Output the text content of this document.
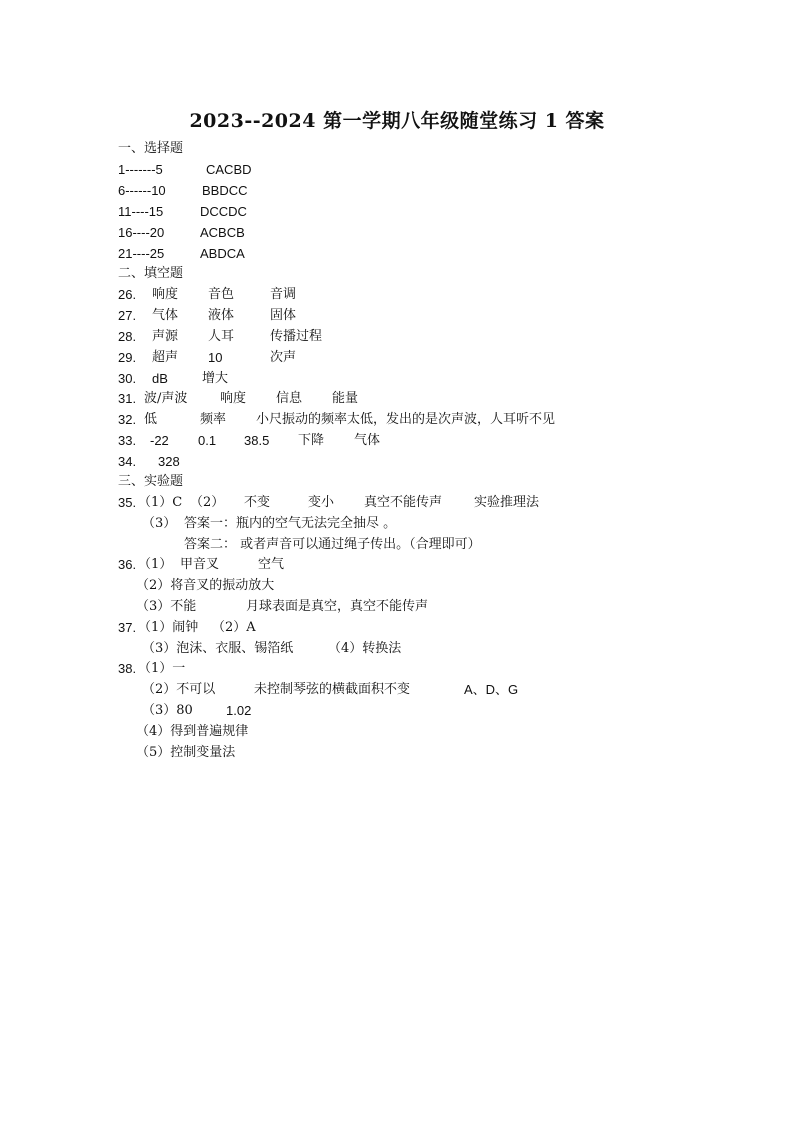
2023--2024 第一学期八年级随堂练习 1 答案
一、选择题
1-------5	CACBD
6------10	BBDCC
11----15	DCCDC
16----20	ACBCB
21----25	ABDCA
二、填空题
26. 响度 音色	音调
27. 气体 液体	固体
28. 声源 人耳	传播过程
29. 超声 10	次声
30. dB	增大
31. 波/声波	响度 信息 能量
32. 低	频率 小尺振动的频率太低，发出的是次声波，人耳听不见
33. -22 0.1 38.5 下降 气体
34. 328
三、实验题
35. （1）C （2） 不变	变小 真空不能传声 实验推理法
（3） 答案一：瓶内的空气无法完全抽尽 。
答案二： 或者声音可以通过绳子传出。（合理即可）
36. （1） 甲音叉	空气
（2）将音叉的振动放大
（3）不能	月球表面是真空，真空不能传声
37. （1）闹钟 （2）A
（3）泡沫、衣服、锡箔纸	（4）转换法
38. （1）一
（2）不可以	未控制琴弦的横截面积不变	A、D、G
（3）80	1.02
（4）得到普遍规律
（5）控制变量法
